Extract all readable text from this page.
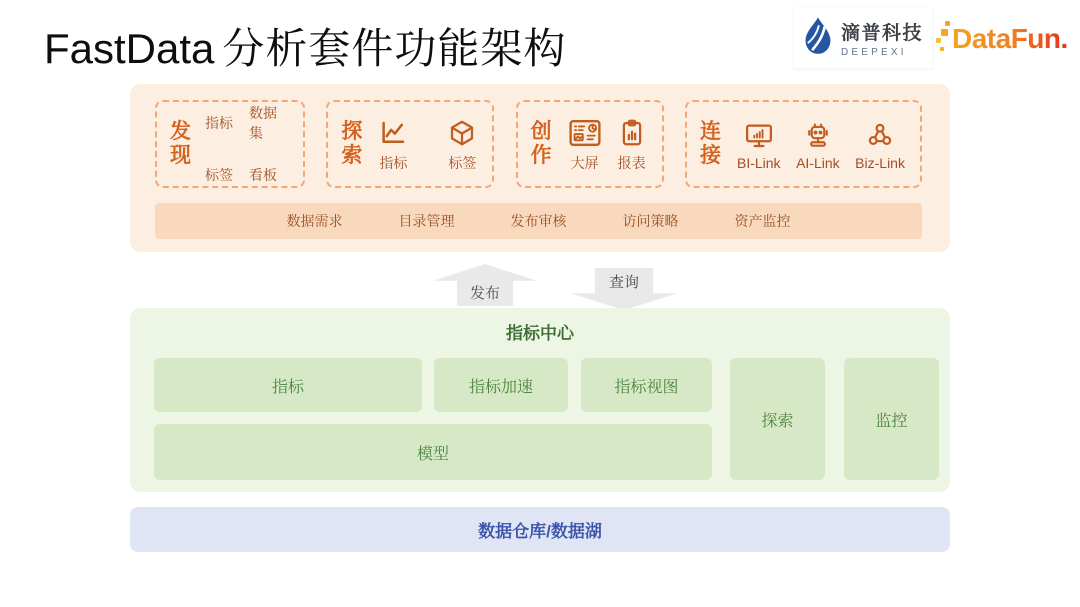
FastData 分析套件功能架构	滴普科技
DEEPEXI	DataFun.
发现
指标
数据集
标签 看板
探索 指标	标签
创作 大屏 报表
连接 BI-Link AI-Link Biz-Link
数据需求	目录管理	发布审核	访问策略	资产监控
发布
查询
指标中心
指标	指标加速	指标视图
模型
探索	监控
数据仓库/数据湖
